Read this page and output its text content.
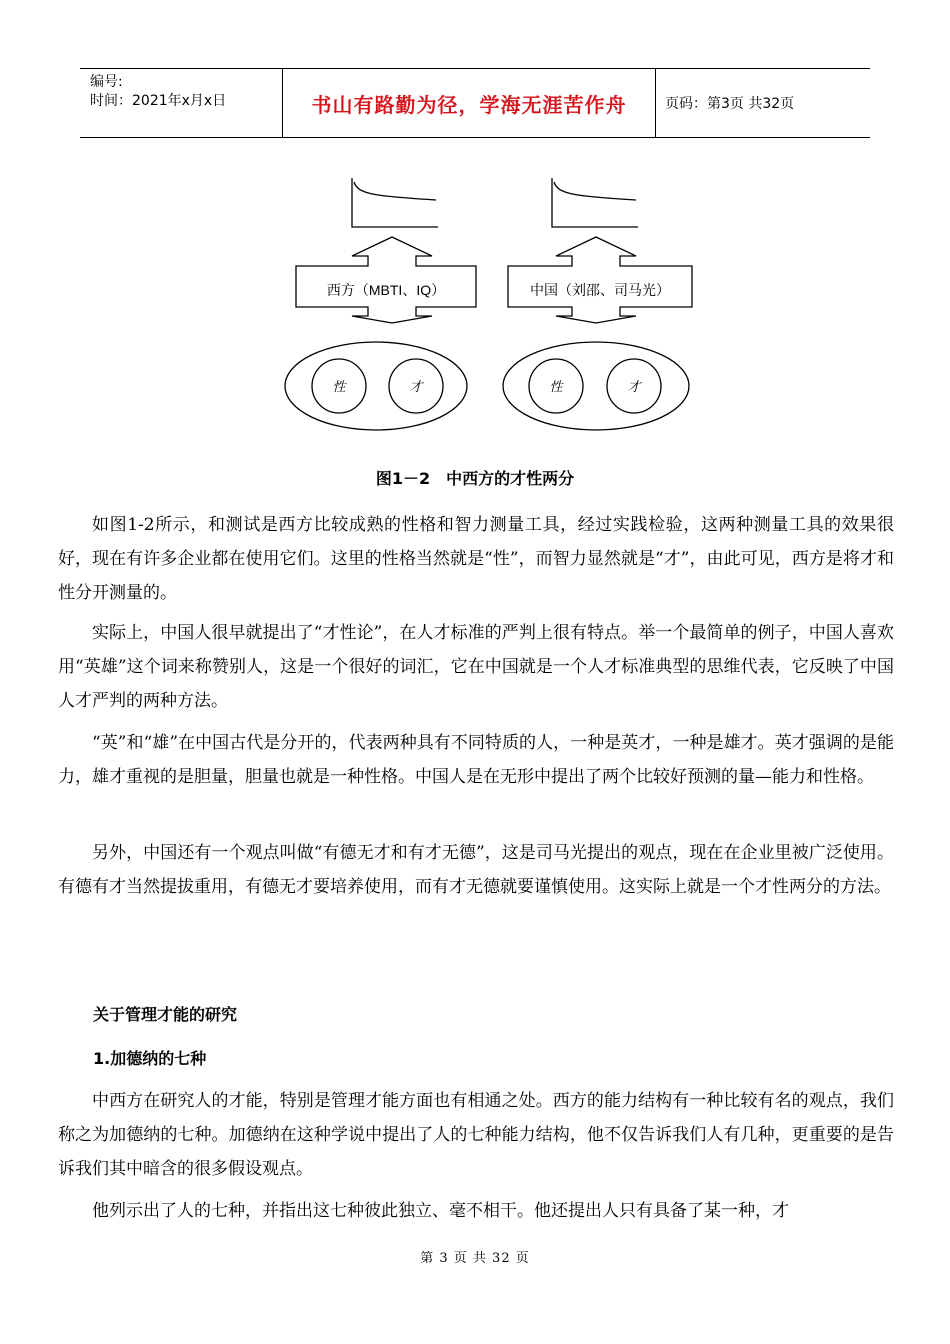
编号:
时间：2021年x月x日	书山有路勤为径，学海无涯苦作舟	页码：第3页 共32页
西方（MBTI、IQ）	中国（刘邵、司马光）
性	才	性	才
图1－2　中西方的才性两分

如图1-2所示，和测试是西方比较成熟的性格和智力测量工具，经过实践检验，这两种测量工具的效果很好，现在有许多企业都在使用它们。这里的性格当然就是“性”，而智力显然就是“才”，由此可见，西方是将才和性分开测量的。

实际上，中国人很早就提出了“才性论”，在人才标准的严判上很有特点。举一个最简单的例子，中国人喜欢用“英雄”这个词来称赞别人，这是一个很好的词汇，它在中国就是一个人才标准典型的思维代表，它反映了中国人才严判的两种方法。

“英”和“雄”在中国古代是分开的，代表两种具有不同特质的人，一种是英才，一种是雄才。英才强调的是能力，雄才重视的是胆量，胆量也就是一种性格。中国人是在无形中提出了两个比较好预测的量—能力和性格。

另外，中国还有一个观点叫做“有德无才和有才无德”，这是司马光提出的观点，现在在企业里被广泛使用。有德有才当然提拔重用，有德无才要培养使用，而有才无德就要谨慎使用。这实际上就是一个才性两分的方法。

关于管理才能的研究
1.加德纳的七种

中西方在研究人的才能，特别是管理才能方面也有相通之处。西方的能力结构有一种比较有名的观点，我们称之为加德纳的七种。加德纳在这种学说中提出了人的七种能力结构，他不仅告诉我们人有几种，更重要的是告诉我们其中暗含的很多假设观点。

他列示出了人的七种，并指出这七种彼此独立、毫不相干。他还提出人只有具备了某一种，才

第 3 页 共 32 页
